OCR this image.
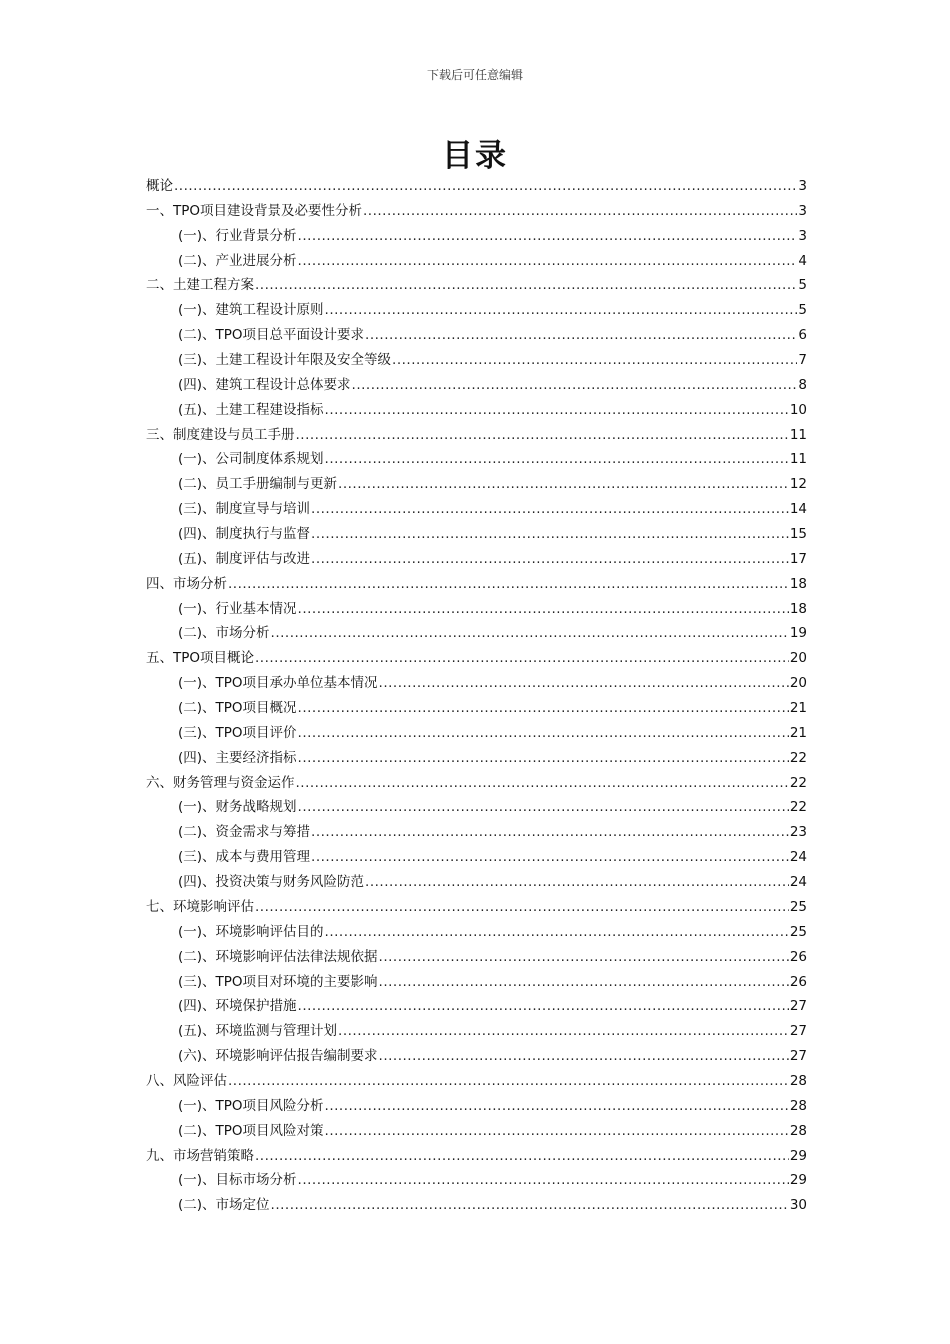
下载后可任意编辑
目录
概论 .....	3
一、TPO项目建设背景及必要性分析 .....	3
(一)、行业背景分析 .....	3
(二)、产业进展分析 .....	4
二、土建工程方案 .....	5
(一)、建筑工程设计原则 .....	5
(二)、TPO项目总平面设计要求 .....	6
(三)、土建工程设计年限及安全等级 .....	7
(四)、建筑工程设计总体要求 .....	8
(五)、土建工程建设指标 .....	10
三、制度建设与员工手册 .....	11
(一)、公司制度体系规划 .....	11
(二)、员工手册编制与更新 .....	12
(三)、制度宣导与培训 .....	14
(四)、制度执行与监督 .....	15
(五)、制度评估与改进 .....	17
四、市场分析 .....	18
(一)、行业基本情况 .....	18
(二)、市场分析 .....	19
五、TPO项目概论 .....	20
(一)、TPO项目承办单位基本情况 .....	20
(二)、TPO项目概况 .....	21
(三)、TPO项目评价 .....	21
(四)、主要经济指标 .....	22
六、财务管理与资金运作 .....	22
(一)、财务战略规划 .....	22
(二)、资金需求与筹措 .....	23
(三)、成本与费用管理 .....	24
(四)、投资决策与财务风险防范 .....	24
七、环境影响评估 .....	25
(一)、环境影响评估目的 .....	25
(二)、环境影响评估法律法规依据 .....	26
(三)、TPO项目对环境的主要影响 .....	26
(四)、环境保护措施 .....	27
(五)、环境监测与管理计划 .....	27
(六)、环境影响评估报告编制要求 .....	27
八、风险评估 .....	28
(一)、TPO项目风险分析 .....	28
(二)、TPO项目风险对策 .....	28
九、市场营销策略 .....	29
(一)、目标市场分析 .....	29
(二)、市场定位 .....	30
